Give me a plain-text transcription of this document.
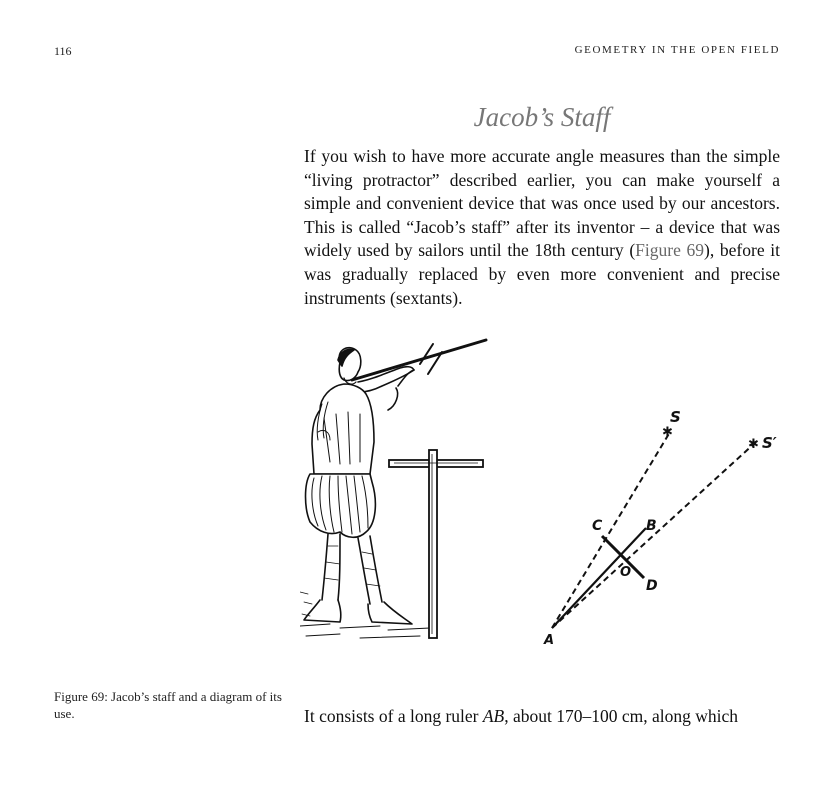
116	GEOMETRY IN THE OPEN FIELD
Jacob’s Staff

If you wish to have more accurate angle measures than the simple “living protractor” described earlier, you can make yourself a simple and convenient device that was once used by our ancestors. This is called “Jacob’s staff” after its inventor – a device that was widely used by sailors until the 18th century (Figure 69), before it was gradually replaced by even more convenient and precise instruments (sextants).

✱
✱
S
S′
C	B
O
D
A
Figure 69: Jacob’s staff and a diagram of its use.	It consists of a long ruler AB, about 170–100 cm, along which
